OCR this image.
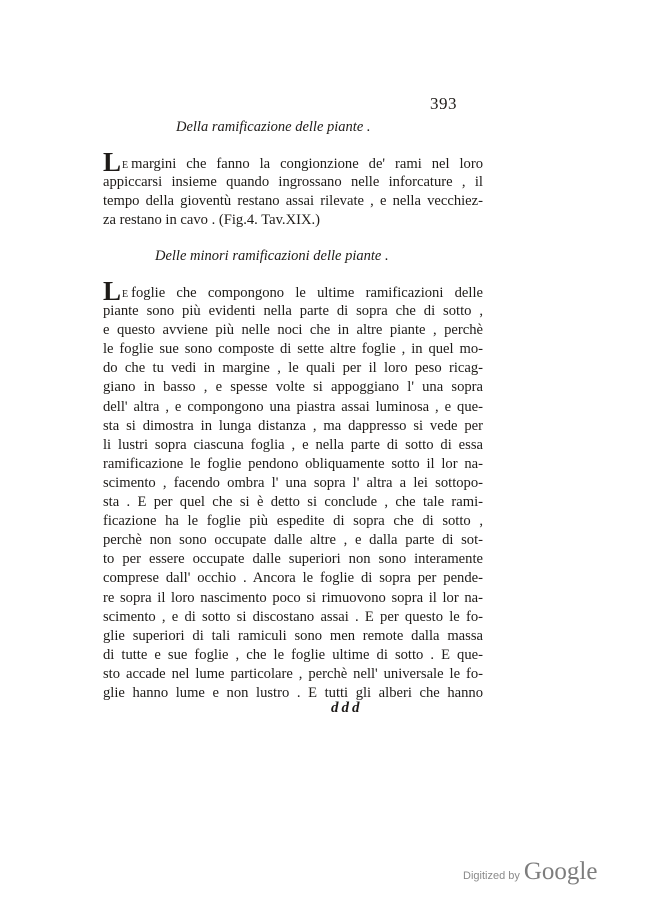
393
Della ramificazione delle piante .
LE margini che fanno la congionzione de' rami nel loro
appiccarsi insieme quando ingrossano nelle inforcature , il
tempo della gioventù restano assai rilevate , e nella vecchiez-
za restano in cavo . (Fig.4. Tav.XIX.)
Delle minori ramificazioni delle piante .
LE foglie che compongono le ultime ramificazioni delle
piante sono più evidenti nella parte di sopra che di sotto ,
e questo avviene più nelle noci che in altre piante , perchè
le foglie sue sono composte di sette altre foglie , in quel mo-
do che tu vedi in margine , le quali per il loro peso ricag-
giano in basso , e spesse volte si appoggiano l' una sopra
dell' altra , e compongono una piastra assai luminosa , e que-
sta si dimostra in lunga distanza , ma dappresso si vede per
li lustri sopra ciascuna foglia , e nella parte di sotto di essa
ramificazione le foglie pendono obliquamente sotto il lor na-
scimento , facendo ombra l' una sopra l' altra a lei sottopo-
sta . E per quel che si è detto si conclude , che tale rami-
ficazione ha le foglie più espedite di sopra che di sotto ,
perchè non sono occupate dalle altre , e dalla parte di sot-
to per essere occupate dalle superiori non sono interamente
comprese dall' occhio . Ancora le foglie di sopra per pende-
re sopra il loro nascimento poco si rimuovono sopra il lor na-
scimento , e di sotto si discostano assai . E per questo le fo-
glie superiori di tali ramiculi sono men remote dalla massa
di tutte e sue foglie , che le foglie ultime di sotto . E que-
sto accade nel lume particolare , perchè nell' universale le fo-
glie hanno lume e non lustro . E tutti gli alberi che hanno
ddd
Digitized by Google
